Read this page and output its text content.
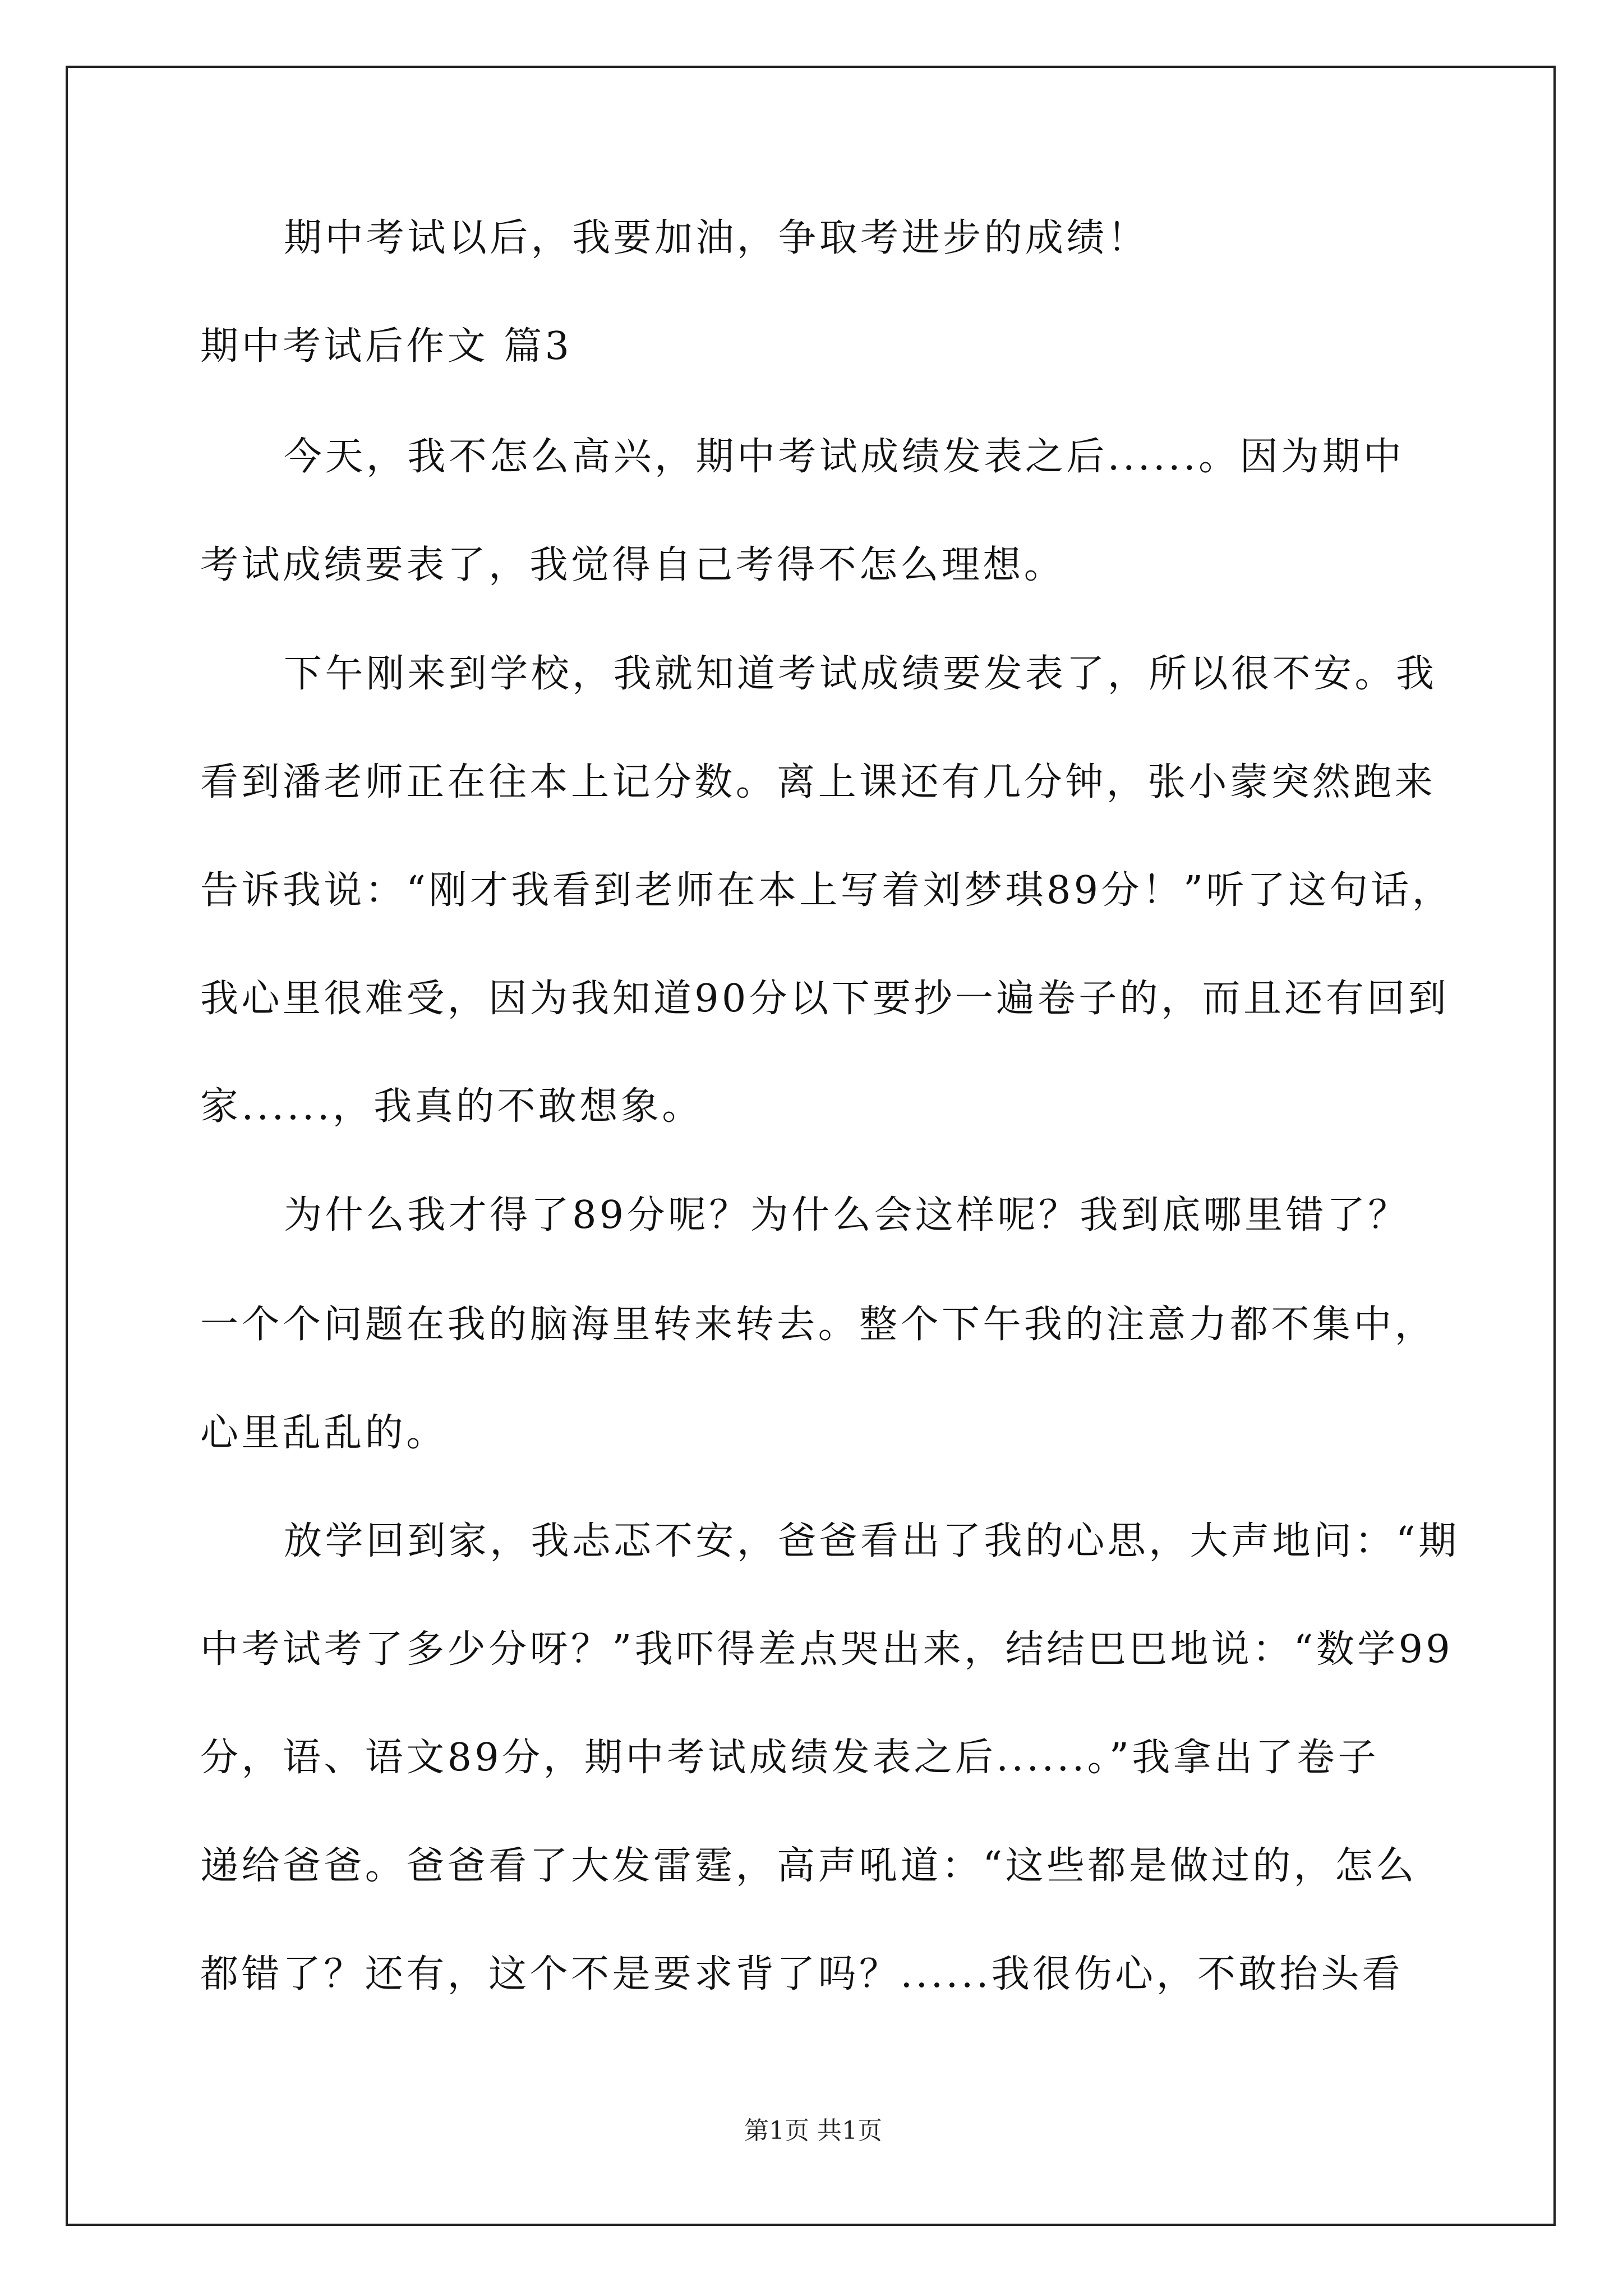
期中考试以后，我要加油，争取考进步的成绩！

期中考试后作文 篇3

今天，我不怎么高兴，期中考试成绩发表之后......。因为期中

考试成绩要表了，我觉得自己考得不怎么理想。

下午刚来到学校，我就知道考试成绩要发表了，所以很不安。我

看到潘老师正在往本上记分数。离上课还有几分钟，张小蒙突然跑来

告诉我说：“刚才我看到老师在本上写着刘梦琪89分！”听了这句话，

我心里很难受，因为我知道90分以下要抄一遍卷子的，而且还有回到

家......，我真的不敢想象。

为什么我才得了89分呢？为什么会这样呢？我到底哪里错了？

一个个问题在我的脑海里转来转去。整个下午我的注意力都不集中，

心里乱乱的。

放学回到家，我忐忑不安，爸爸看出了我的心思，大声地问：“期

中考试考了多少分呀？”我吓得差点哭出来，结结巴巴地说：“数学99

分，语、语文89分，期中考试成绩发表之后......。”我拿出了卷子

递给爸爸。爸爸看了大发雷霆，高声吼道：“这些都是做过的，怎么

都错了？还有，这个不是要求背了吗？......我很伤心，不敢抬头看

第1页 共1页
